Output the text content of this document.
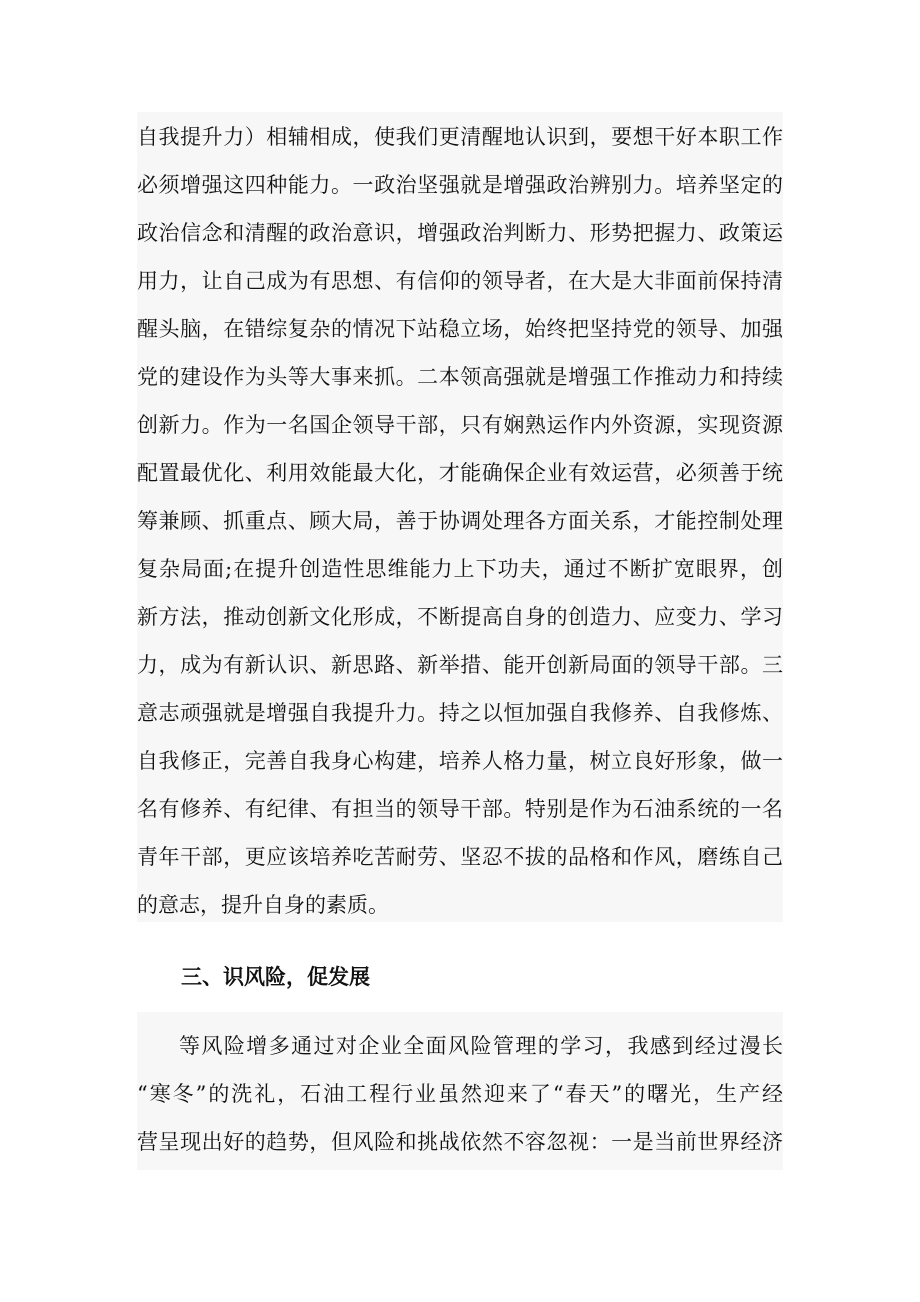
自我提升力）相辅相成，使我们更清醒地认识到，要想干好本职工作
必须增强这四种能力。一政治坚强就是增强政治辨别力。培养坚定的
政治信念和清醒的政治意识，增强政治判断力、形势把握力、政策运
用力，让自己成为有思想、有信仰的领导者，在大是大非面前保持清
醒头脑，在错综复杂的情况下站稳立场，始终把坚持党的领导、加强
党的建设作为头等大事来抓。二本领高强就是增强工作推动力和持续
创新力。作为一名国企领导干部，只有娴熟运作内外资源，实现资源
配置最优化、利用效能最大化，才能确保企业有效运营，必须善于统
筹兼顾、抓重点、顾大局，善于协调处理各方面关系，才能控制处理
复杂局面;在提升创造性思维能力上下功夫，通过不断扩宽眼界，创
新方法，推动创新文化形成，不断提高自身的创造力、应变力、学习
力，成为有新认识、新思路、新举措、能开创新局面的领导干部。三
意志顽强就是增强自我提升力。持之以恒加强自我修养、自我修炼、
自我修正，完善自我身心构建，培养人格力量，树立良好形象，做一
名有修养、有纪律、有担当的领导干部。特别是作为石油系统的一名
青年干部，更应该培养吃苦耐劳、坚忍不拔的品格和作风，磨练自己
的意志，提升自身的素质。
三、识风险，促发展
等风险增多通过对企业全面风险管理的学习，我感到经过漫长
“寒冬”的洗礼，石油工程行业虽然迎来了“春天”的曙光，生产经
营呈现出好的趋势，但风险和挑战依然不容忽视：一是当前世界经济
